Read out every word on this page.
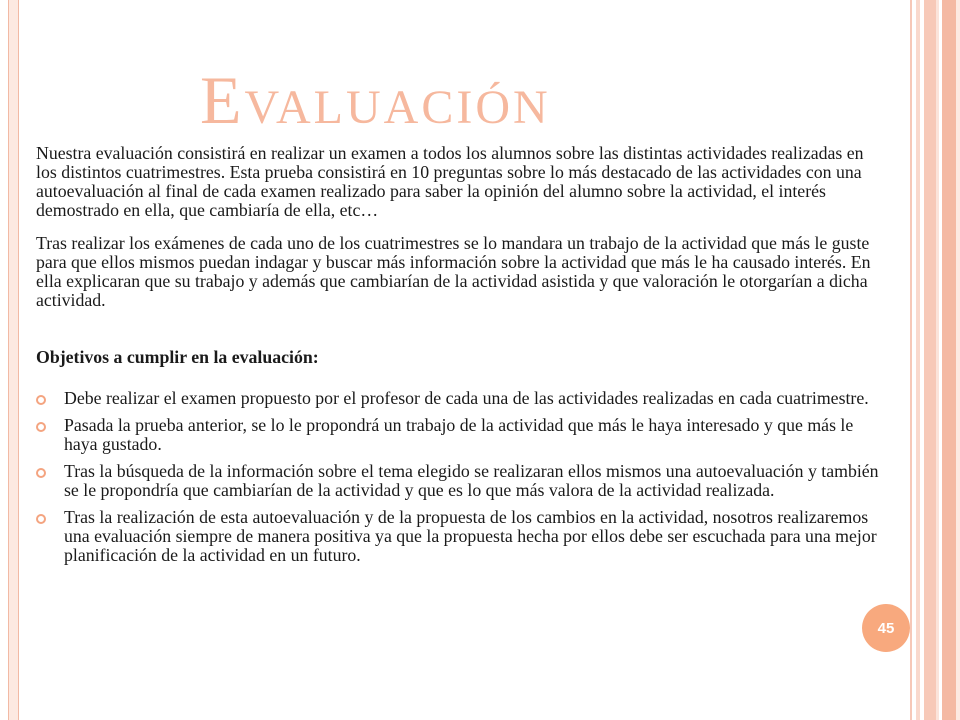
Evaluación

Nuestra evaluación consistirá en realizar un examen a todos los alumnos sobre las distintas actividades realizadas en los distintos cuatrimestres. Esta prueba consistirá en 10 preguntas sobre lo más destacado de las actividades con una autoevaluación al final de cada examen realizado para saber la opinión del alumno sobre la actividad, el interés demostrado en ella, que cambiaría de ella, etc…

Tras realizar los exámenes de cada uno de los cuatrimestres se lo mandara un trabajo de la actividad que más le guste para que ellos mismos puedan indagar y buscar más información sobre la actividad que más le ha causado interés. En ella explicaran que su trabajo y además que cambiarían de la actividad asistida y que valoración le otorgarían a dicha actividad.

Objetivos a cumplir en la evaluación:

Debe realizar el examen propuesto por el profesor de cada una de las actividades realizadas en cada cuatrimestre.
Pasada la prueba anterior, se lo le propondrá un trabajo de la actividad que más le haya interesado y que más le haya gustado.
Tras la búsqueda de la información sobre el tema elegido se realizaran ellos mismos una autoevaluación y también se le propondría que cambiarían de la actividad y que es lo que más valora de la actividad realizada.
Tras la realización de esta autoevaluación y de la propuesta de los cambios en la actividad, nosotros realizaremos una evaluación siempre de manera positiva ya que la propuesta hecha por ellos debe ser escuchada para una mejor planificación de la actividad en un futuro.
45
